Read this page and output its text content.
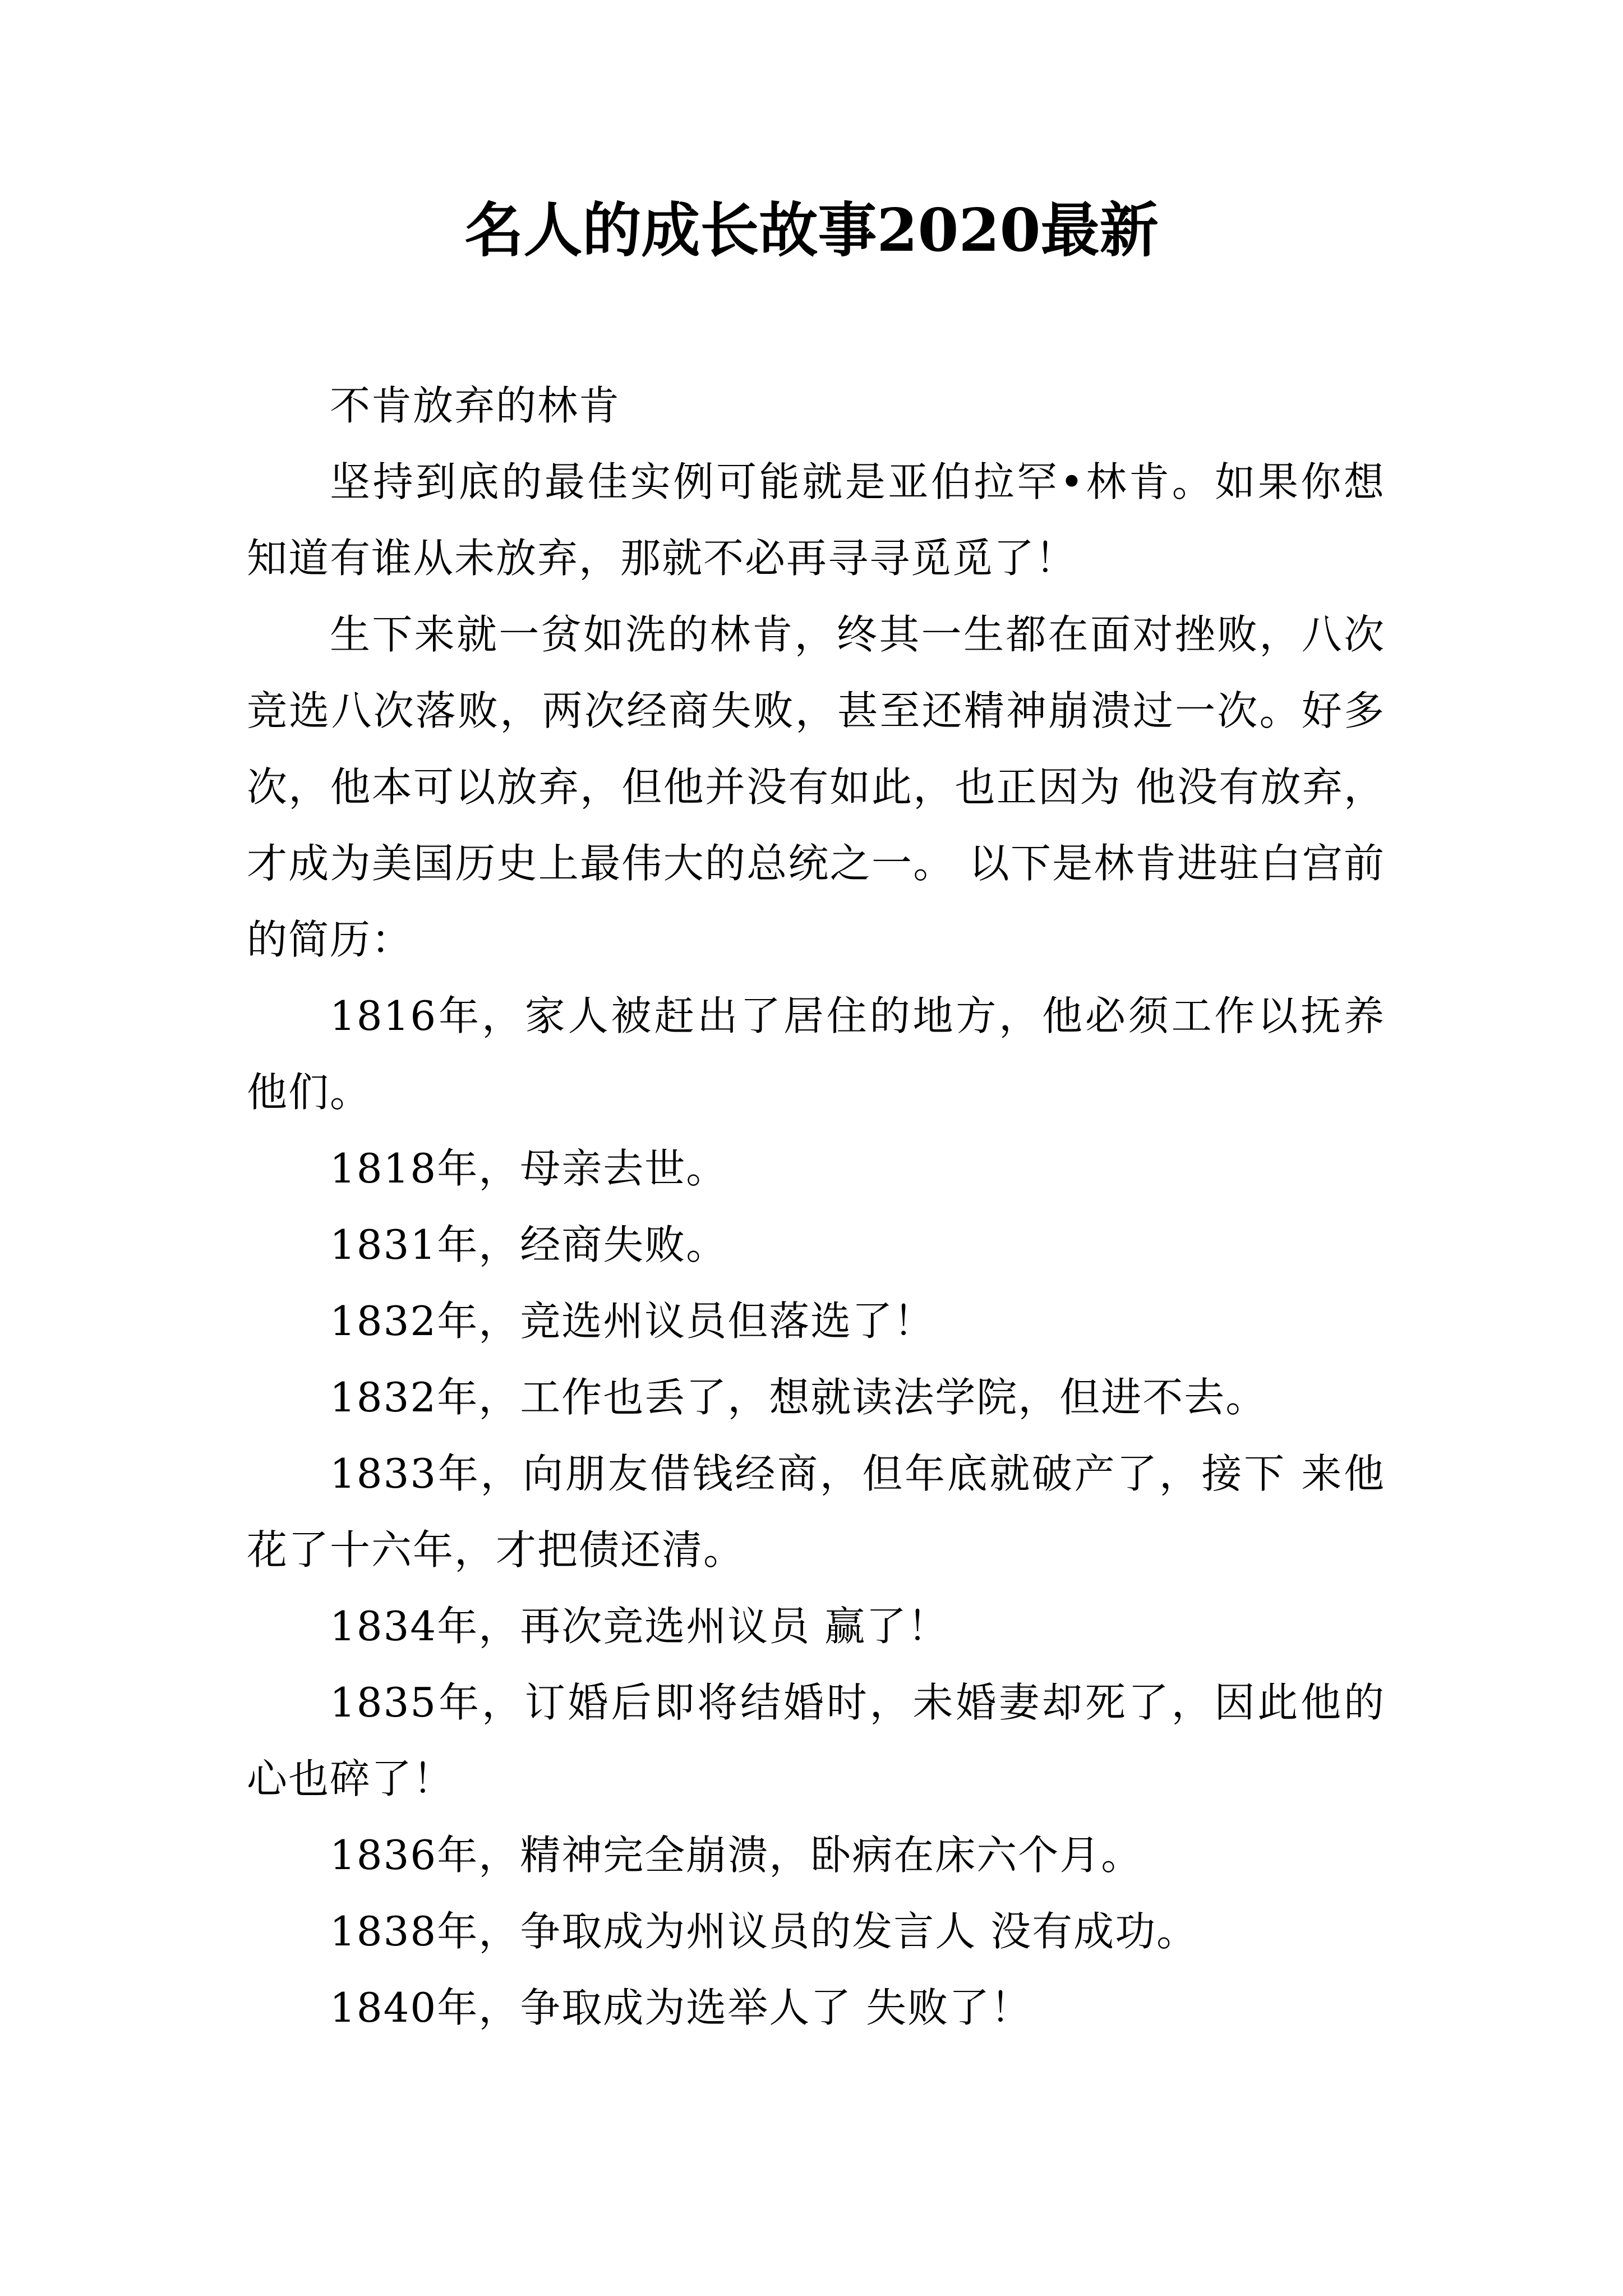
名人的成长故事2020最新

不肯放弃的林肯

坚持到底的最佳实例可能就是亚伯拉罕•林肯。如果你想知道有谁从未放弃，那就不必再寻寻觅觅了！

生下来就一贫如洗的林肯，终其一生都在面对挫败，八次竞选八次落败，两次经商失败，甚至还精神崩溃过一次。好多次，他本可以放弃，但他并没有如此，也正因为 他没有放弃，才成为美国历史上最伟大的总统之一。 以下是林肯进驻白宫前的简历：

1816年，家人被赶出了居住的地方，他必须工作以抚养他们。

1818年，母亲去世。

1831年，经商失败。

1832年，竞选州议员但落选了！

1832年，工作也丢了，想就读法学院，但进不去。

1833年，向朋友借钱经商，但年底就破产了，接下 来他花了十六年，才把债还清。

1834年，再次竞选州议员 赢了！

1835年，订婚后即将结婚时，未婚妻却死了，因此他的心也碎了！

1836年，精神完全崩溃，卧病在床六个月。

1838年，争取成为州议员的发言人 没有成功。

1840年，争取成为选举人了 失败了！
